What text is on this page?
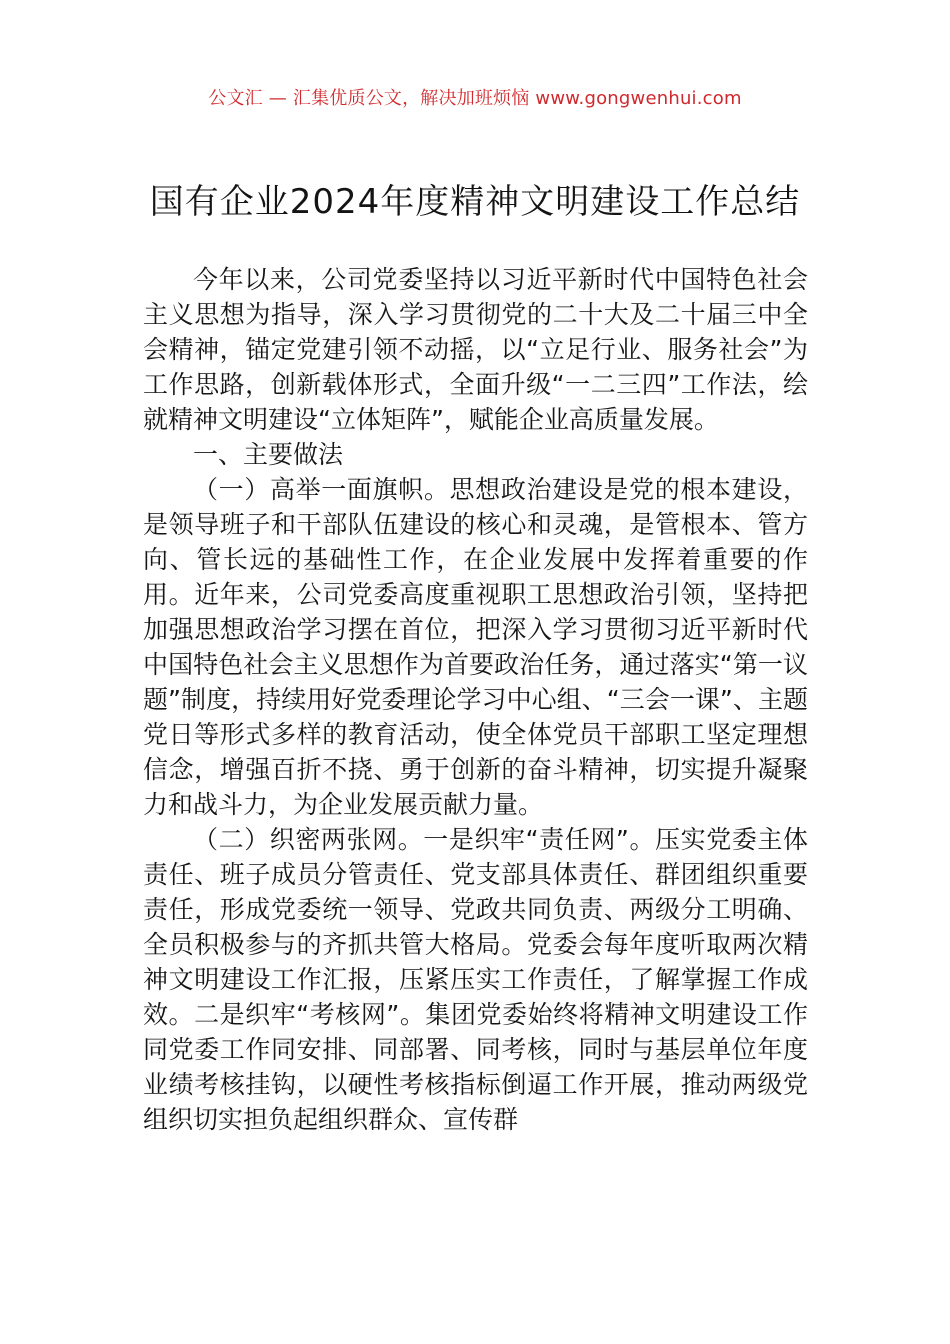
公文汇 — 汇集优质公文，解决加班烦恼 www.gongwenhui.com
国有企业2024年度精神文明建设工作总结

今年以来，公司党委坚持以习近平新时代中国特色社会主义思想为指导，深入学习贯彻党的二十大及二十届三中全会精神，锚定党建引领不动摇，以“立足行业、服务社会”为工作思路，创新载体形式，全面升级“一二三四”工作法，绘就精神文明建设“立体矩阵”，赋能企业高质量发展。

一、主要做法

（一）高举一面旗帜。思想政治建设是党的根本建设，是领导班子和干部队伍建设的核心和灵魂，是管根本、管方向、管长远的基础性工作，在企业发展中发挥着重要的作用。近年来，公司党委高度重视职工思想政治引领，坚持把加强思想政治学习摆在首位，把深入学习贯彻习近平新时代中国特色社会主义思想作为首要政治任务，通过落实“第一议题”制度，持续用好党委理论学习中心组、“三会一课”、主题党日等形式多样的教育活动，使全体党员干部职工坚定理想信念，增强百折不挠、勇于创新的奋斗精神，切实提升凝聚力和战斗力，为企业发展贡献力量。

（二）织密两张网。一是织牢“责任网”。压实党委主体责任、班子成员分管责任、党支部具体责任、群团组织重要责任，形成党委统一领导、党政共同负责、两级分工明确、全员积极参与的齐抓共管大格局。党委会每年度听取两次精神文明建设工作汇报，压紧压实工作责任，了解掌握工作成效。二是织牢“考核网”。集团党委始终将精神文明建设工作同党委工作同安排、同部署、同考核，同时与基层单位年度业绩考核挂钩，以硬性考核指标倒逼工作开展，推动两级党组织切实担负起组织群众、宣传群
